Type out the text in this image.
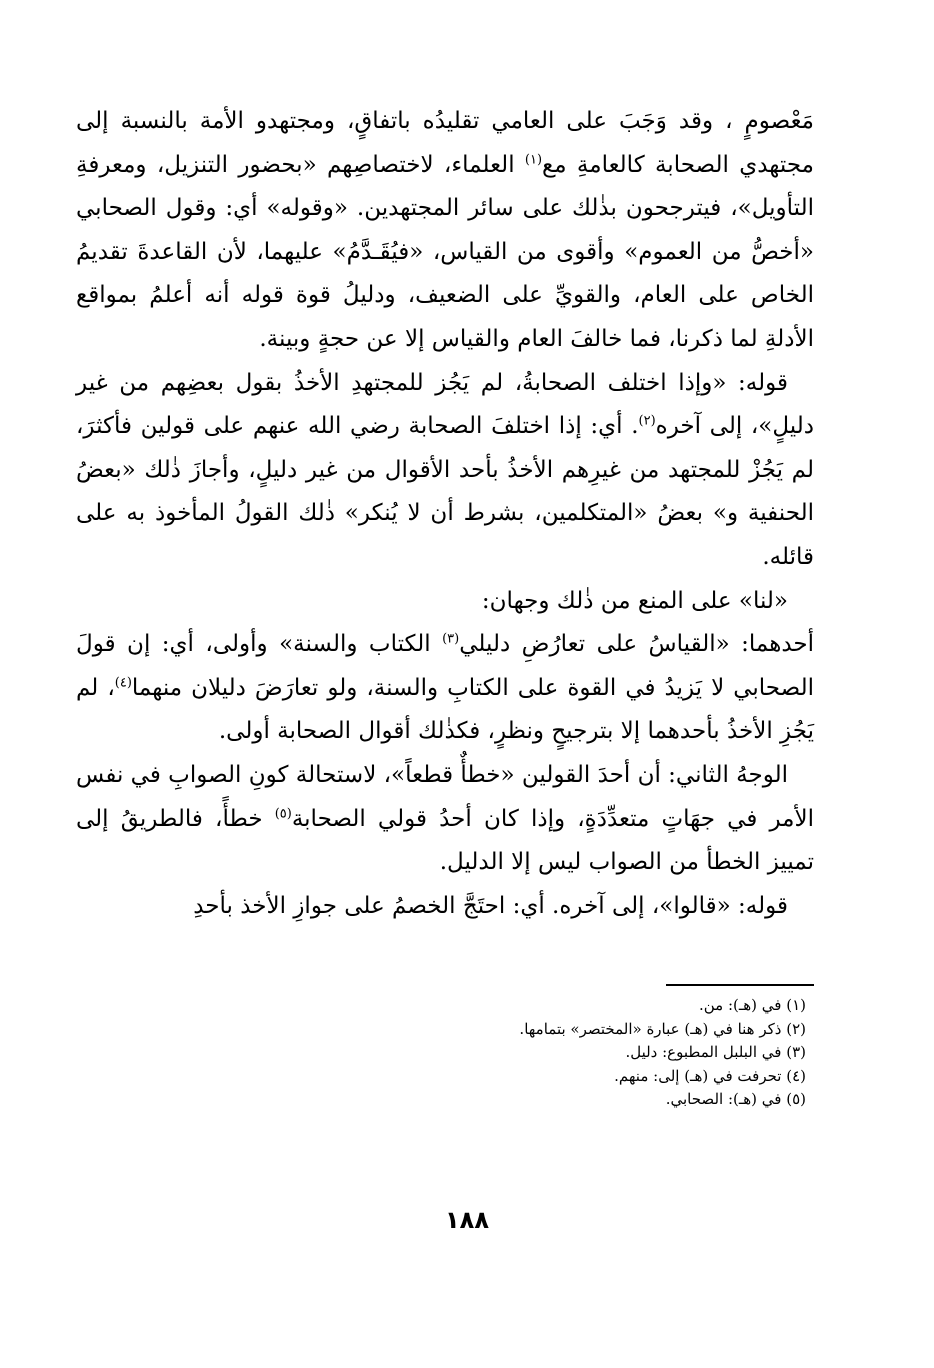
مَعْصومٍ ، وقد وَجَبَ على العامي تقليدُه باتفاقٍ، ومجتهدو الأمة بالنسبة إلى مجتهدي الصحابة كالعامةِ مع$^{(١)}$ العلماء، لاختصاصِهم «بحضور التنزيل، ومعرفةِ التأويل»، فيترجحون بذٰلك على سائر المجتهدين. «وقوله» أي: وقول الصحابي «أخصُّ من العموم» وأقوى من القياس، «فيُقَـدَّمُ» عليهما، لأن القاعدةَ تقديمُ الخاص على العام، والقويِّ على الضعيف، ودليلُ قوة قوله أنه أعلمُ بمواقع الأدلةِ لما ذكرنا، فما خالفَ العام والقياس إلا عن حجةٍ وبينة.

قوله: «وإذا اختلف الصحابةُ، لم يَجُز للمجتهدِ الأخذُ بقول بعضِهم من غير دليلٍ»، إلى آخره$^{(٢)}$. أي: إذا اختلفَ الصحابة رضي الله عنهم على قولين فأكثرَ، لم يَجُزْ للمجتهد من غيرِهم الأخذُ بأحد الأقوال من غير دليلٍ، وأجازَ ذٰلك «بعضُ الحنفية و» بعضُ «المتكلمين، بشرط أن لا يُنكر» ذٰلك القولُ المأخوذ به على قائله.

«لنا» على المنع من ذٰلك وجهان:

أحدهما: «القياسُ على تعارُضِ دليلي$^{(٣)}$ الكتاب والسنة» وأولى، أي: إن قولَ الصحابي لا يَزيدُ في القوة على الكتابِ والسنة، ولو تعارَضَ دليلان منهما$^{(٤)}$، لم يَجُزِ الأخذُ بأحدهما إلا بترجيحٍ ونظرٍ، فكذٰلك أقوال الصحابة أولى.

الوجهُ الثاني: أن أحدَ القولين «خطأٌ قطعاً»، لاستحالة كونِ الصوابِ في نفس الأمر في جهَاتٍ متعدِّدَةٍ، وإذا كان أحدُ قولي الصحابة$^{(٥)}$ خطأً، فالطريقُ إلى تمييز الخطأ من الصواب ليس إلا الدليل.

قوله: «قالوا»، إلى آخره. أي: احتَجَّ الخصمُ على جوازِ الأخذ بأحدِ

(١) في (هـ): من.
(٢) ذكر هنا في (هـ) عبارة «المختصر» بتمامها.
(٣) في البلبل المطبوع: دليل.
(٤) تحرفت في (هـ) إلى: منهم.
(٥) في (هـ): الصحابي.
١٨٨
